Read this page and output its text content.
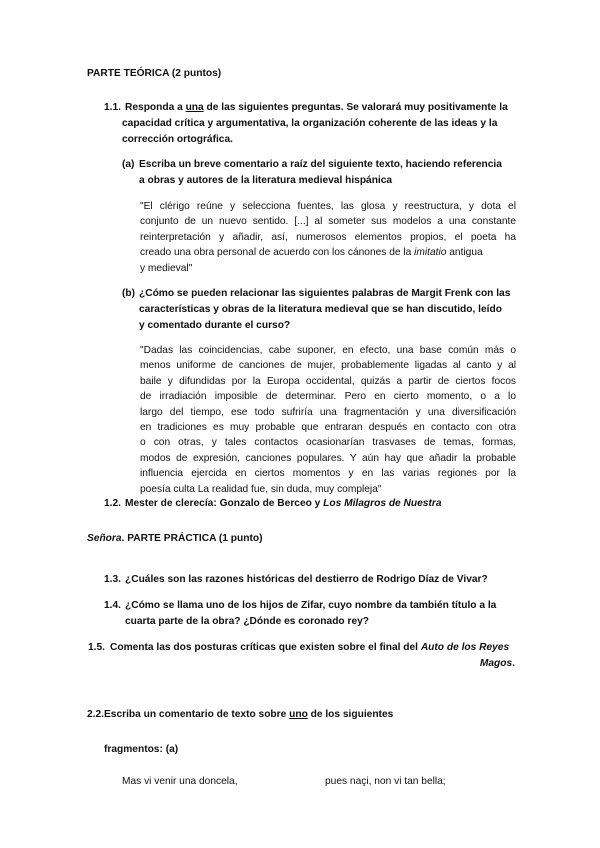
PARTE TEÓRICA (2 puntos)
1.1. Responda a una de las siguientes preguntas. Se valorará muy positivamente la
capacidad crítica y argumentativa, la organización coherente de las ideas y la
corrección ortográfica.
(a) Escriba un breve comentario a raíz del siguiente texto, haciendo referencia
a obras y autores de la literatura medieval hispánica
"El clérigo reúne y selecciona fuentes, las glosa y reestructura, y dota el
conjunto de un nuevo sentido. [...] al someter sus modelos a una constante
reinterpretación y añadir, así, numerosos elementos propios, el poeta ha
creado una obra personal de acuerdo con los cánones de la imitatio antigua
y medieval"
(b) ¿Cómo se pueden relacionar las siguientes palabras de Margit Frenk con las
características y obras de la literatura medieval que se han discutido, leído
y comentado durante el curso?
"Dadas las coincidencias, cabe suponer, en efecto, una base común más o
menos uniforme de canciones de mujer, probablemente ligadas al canto y al
baile y difundidas por la Europa occidental, quizás a partir de ciertos focos
de irradiación imposible de determinar. Pero en cierto momento, o a lo
largo del tiempo, ese todo sufriría una fragmentación y una diversificación
en tradiciones es muy probable que entraran después en contacto con otra
o con otras, y tales contactos ocasionarían trasvases de temas, formas,
modos de expresión, canciones populares. Y aún hay que añadir la probable
influencia ejercida en ciertos momentos y en las varias regiones por la
poesía culta La realidad fue, sin duda, muy compleja"
1.2. Mester de clerecía: Gonzalo de Berceo y Los Milagros de Nuestra
Señora. PARTE PRÁCTICA (1 punto)
1.3. ¿Cuáles son las razones históricas del destierro de Rodrigo Díaz de Vivar?
1.4. ¿Cómo se llama uno de los hijos de Zifar, cuyo nombre da también título a la
cuarta parte de la obra? ¿Dónde es coronado rey?
1.5. Comenta las dos posturas críticas que existen sobre el final del Auto de los Reyes
Magos.
2.2.Escriba un comentario de texto sobre uno de los siguientes
fragmentos: (a)
Mas vi venir una doncela,	pues naçi, non vi tan bella;
